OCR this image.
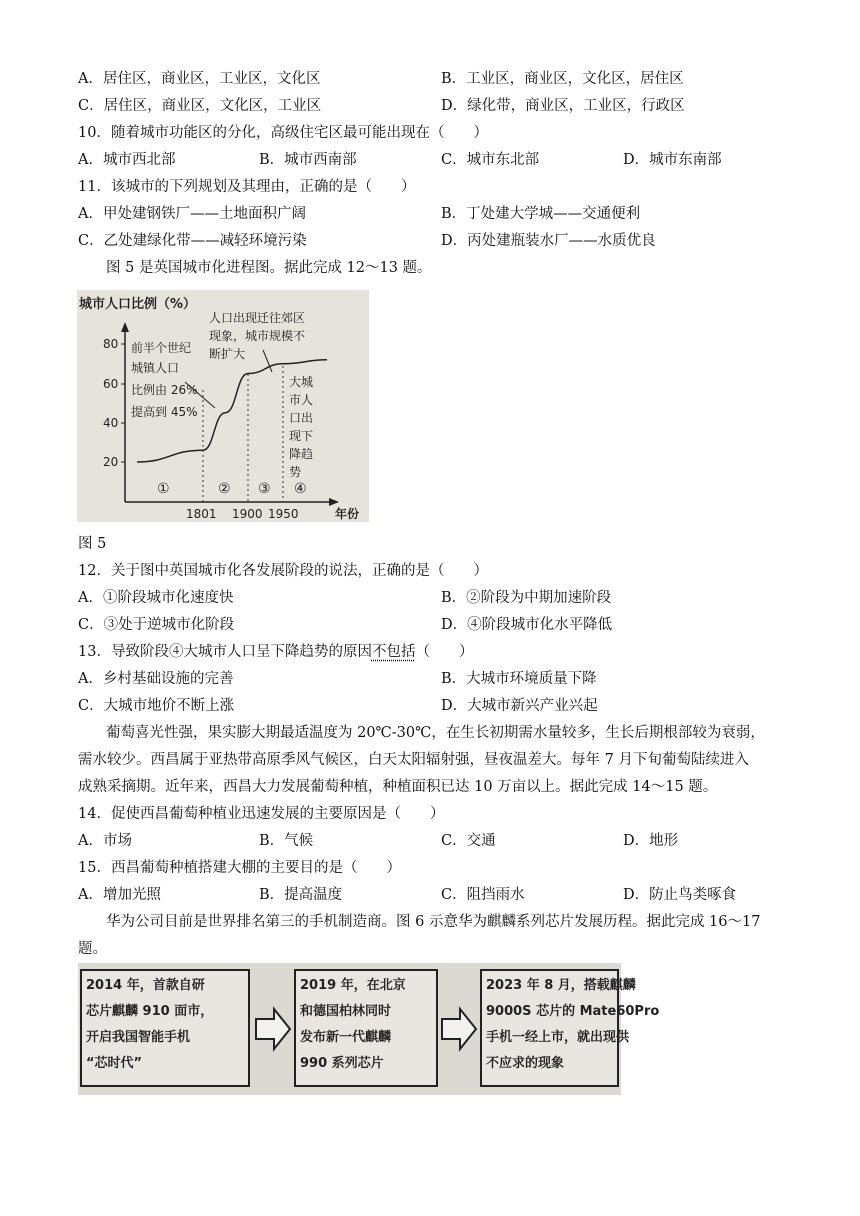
A．居住区，商业区，工业区，文化区	B．工业区，商业区，文化区，居住区
C．居住区，商业区，文化区，工业区	D．绿化带，商业区，工业区，行政区
10．随着城市功能区的分化，高级住宅区最可能出现在（　　）
A．城市西北部	B．城市西南部	C．城市东北部	D．城市东南部
11．该城市的下列规划及其理由，正确的是（　　）
A．甲处建钢铁厂——土地面积广阔	B．丁处建大学城——交通便利
C．乙处建绿化带——减轻环境污染	D．丙处建瓶装水厂——水质优良
图 5 是英国城市化进程图。据此完成 12～13 题。
80
60
40
20
城市人口比例（%）
年份
1801 1900 1950
①	② ③ ④
前半个世纪
城镇人口
比例由 26%
提高到 45%
人口出现迁往郊区
现象，城市规模不
断扩大
大城
市人
口出
现下
降趋
势
图 5
12．关于图中英国城市化各发展阶段的说法，正确的是（　　）
A．①阶段城市化速度快	B．②阶段为中期加速阶段
C．③处于逆城市化阶段	D．④阶段城市化水平降低
13．导致阶段④大城市人口呈下降趋势的原因不包括（　　）
A．乡村基础设施的完善	B．大城市环境质量下降
C．大城市地价不断上涨	D．大城市新兴产业兴起
葡萄喜光性强，果实膨大期最适温度为 20℃-30℃，在生长初期需水量较多，生长后期根部较为衰弱，
需水较少。西昌属于亚热带高原季风气候区，白天太阳辐射强，昼夜温差大。每年 7 月下旬葡萄陆续进入
成熟采摘期。近年来，西昌大力发展葡萄种植，种植面积已达 10 万亩以上。据此完成 14～15 题。
14．促使西昌葡萄种植业迅速发展的主要原因是（　　）
A．市场	B．气候	C．交通	D．地形
15．西昌葡萄种植搭建大棚的主要目的是（　　）
A．增加光照	B．提高温度	C．阻挡雨水	D．防止鸟类啄食
华为公司目前是世界排名第三的手机制造商。图 6 示意华为麒麟系列芯片发展历程。据此完成 16～17
题。
2014 年，首款自研
芯片麒麟 910 面市，
开启我国智能手机
“芯时代”
2019 年，在北京
和德国柏林同时
发布新一代麒麟
990 系列芯片
2023 年 8 月，搭载麒麟
9000S 芯片的 Mate60Pro
手机一经上市，就出现供
不应求的现象
